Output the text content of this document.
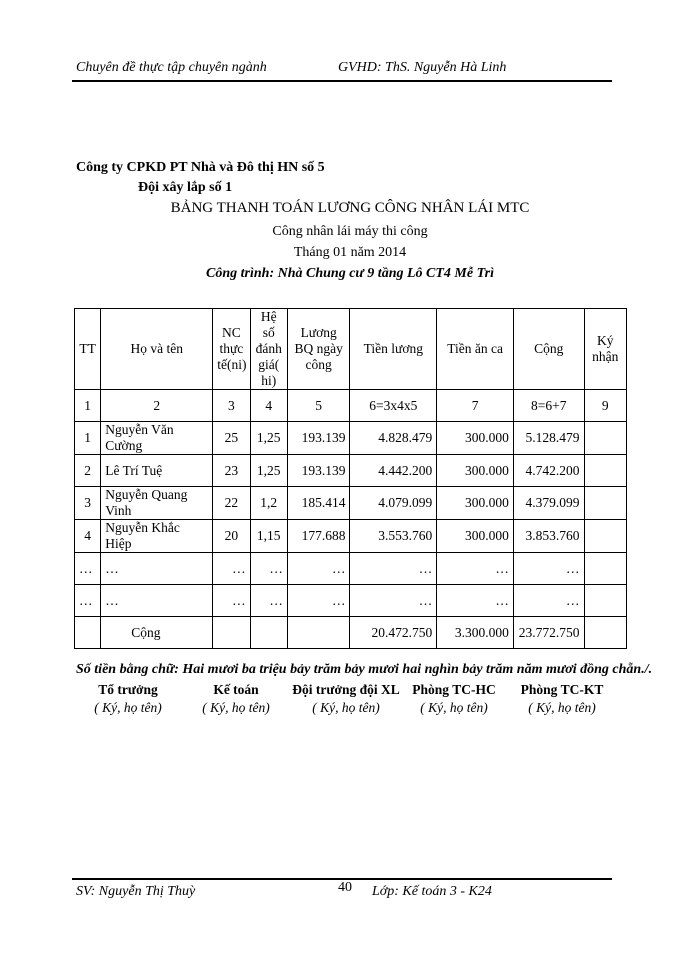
Chuyên đề thực tập chuyên ngành	GVHD: ThS. Nguyễn Hà Linh
Công ty CPKD PT Nhà và Đô thị HN số 5
Đội xây lắp số 1
BẢNG THANH TOÁN LƯƠNG CÔNG NHÂN LÁI MTC
Công nhân lái máy thi công
Tháng 01 năm 2014
Công trình: Nhà Chung cư 9 tầng Lô CT4 Mễ Trì
TT	Họ và tên	NC thực tế(ni)	Hệ số đánh giá( hi)	Lương BQ ngày công	Tiền lương	Tiền ăn ca	Cộng	Ký nhận
1	2	3	4	5	6=3x4x5	7	8=6+7	9
1	Nguyễn Văn Cường	25	1,25	193.139	4.828.479	300.000	5.128.479	
2	Lê Trí Tuệ	23	1,25	193.139	4.442.200	300.000	4.742.200	
3	Nguyễn Quang Vinh	22	1,2	185.414	4.079.099	300.000	4.379.099	
4	Nguyễn Khắc Hiệp	20	1,15	177.688	3.553.760	300.000	3.853.760	
…	…	…	…	…	…	…	…	
…	…	…	…	…	…	…	…	
	Cộng				20.472.750	3.300.000	23.772.750	
Số tiền bằng chữ: Hai mươi ba triệu bảy trăm bảy mươi hai nghìn bảy trăm năm mươi đồng chẵn./.
Tổ trưởng
( Ký, họ tên)
Kế toán
( Ký, họ tên)
Đội trưởng đội XL
( Ký, họ tên)
Phòng TC-HC
( Ký, họ tên)
Phòng TC-KT
( Ký, họ tên)
SV: Nguyễn Thị Thuỳ	40 Lớp: Kế toán 3 - K24
